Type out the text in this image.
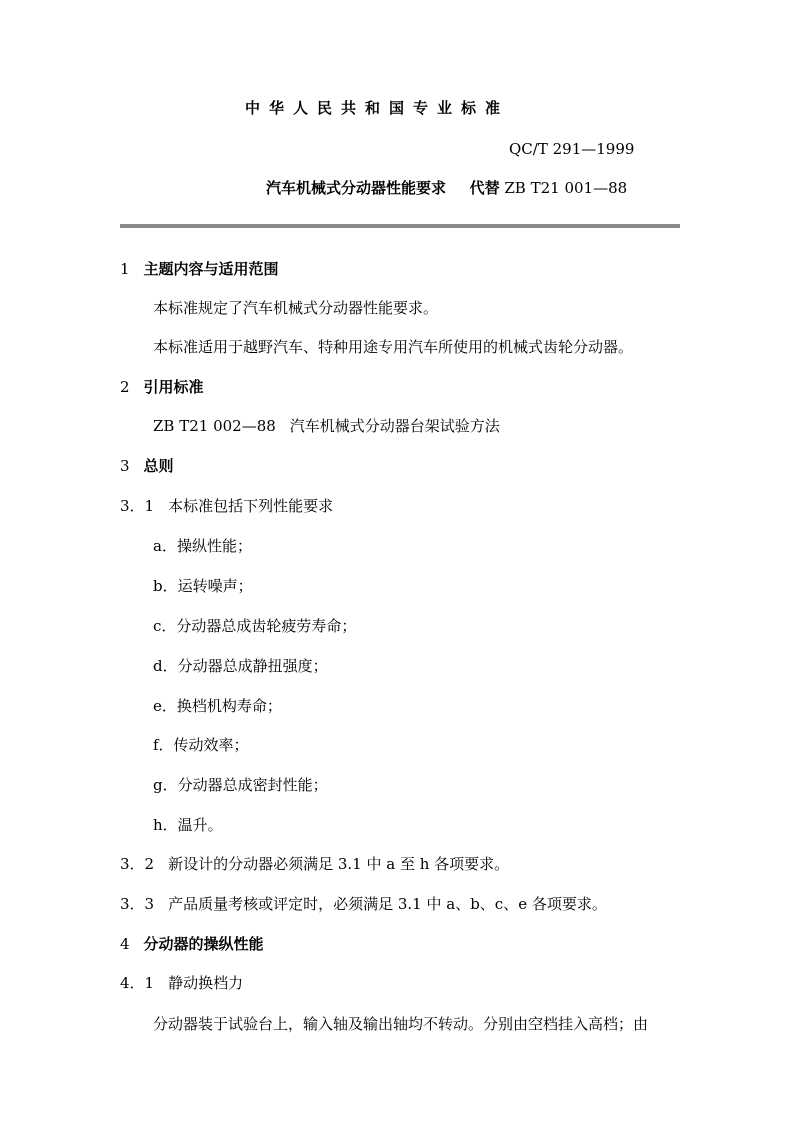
中华人民共和国专业标准
QC/T 291—1999
汽车机械式分动器性能要求 代替 ZB T21 001—88
1 主题内容与适用范围
本标准规定了汽车机械式分动器性能要求。
本标准适用于越野汽车、特种用途专用汽车所使用的机械式齿轮分动器。
2 引用标准
ZB T21 002—88 汽车机械式分动器台架试验方法
3 总则
3．1 本标准包括下列性能要求
a．操纵性能；
b．运转噪声；
c．分动器总成齿轮疲劳寿命；
d．分动器总成静扭强度；
e．换档机构寿命；
f．传动效率；
g．分动器总成密封性能；
h．温升。
3．2 新设计的分动器必须满足 3.1 中 a 至 h 各项要求。
3．3 产品质量考核或评定时，必须满足 3.1 中 a、b、c、e 各项要求。
4 分动器的操纵性能
4．1 静动换档力
分动器装于试验台上，输入轴及输出轴均不转动。分别由空档挂入高档；由
